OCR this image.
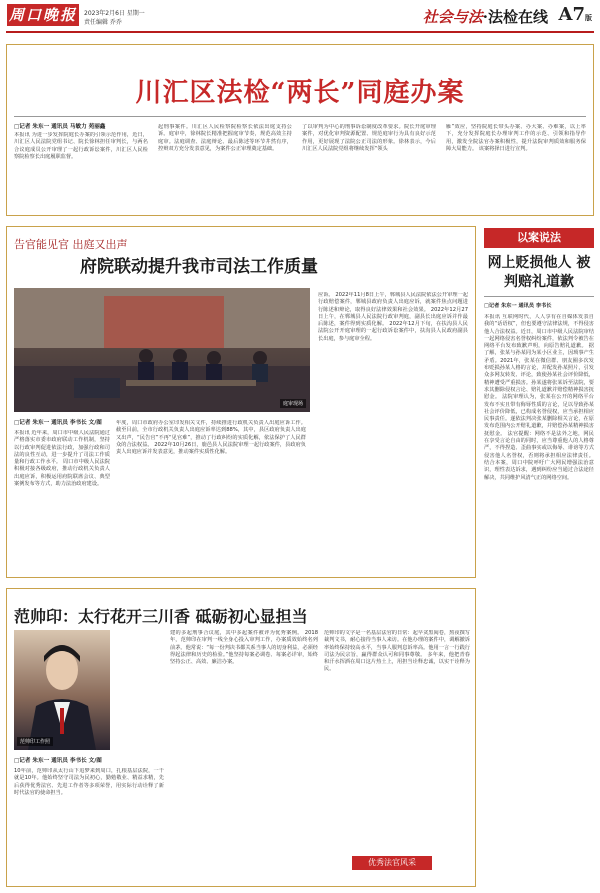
周口晚报	2023年2月6日 星期一
责任编辑 乔乔	社会与法·法检在线 A7版
川汇区法检“两长”同庭办案
□记者 朱东一 通讯员 马敏力 苑丽鑫
本报讯 为进一步发挥院庭长办案的引领示范作用，近日，川汇区人民法院党组书记、院长徐林担任审判长，与两名合议庭成员公开审理了一起行政诉讼案件，川汇区人民检察院检察长出庭履职监督。
起刑事案件。川汇区人民检察院检察长依法出庭支持公诉。庭审中，徐林院长精准把握庭审节奏，规范高效主持庭审。法庭调查、法庭辩论、最后陈述等环节井然有序，控辩双方充分发表意见，为案件公正审理奠定基础。
了以审判为中心的刑事诉讼制度改革要求。院长开庭审理案件，对优化审判资源配置、规范庭审行为具有良好示范作用，更好展现了法院公正司法的形象。徐林表示，今后川汇区人民法院党组将继续发挥“领头
雁”效应，坚持院庭长带头办案、办大案、办难案，以上率下，充分发挥院庭长办理审判工作的示范、引领和指导作用，激发全院法官办案积极性，提升法院审判质效和服务保障大局能力。 该案将择日进行宣判。
告官能见官 出庭又出声
府院联动提升我市司法工作质量
庭审现场
□记者 朱东一 通讯员 李书长 文/图
本报讯 近年来，周口市中级人民法院通过严格落实市委市政府联动工作机制，坚持以行政审判促进依法行政，加强行政和司法的良性互动，进一步提升了司法工作质量和行政工作水平。 周口市中级人民法院积极对接各级政府，推动行政机关负责人出庭应诉，积极运用府院联席会议、典型案例发布等方式，助力法治政府建设。
年度，周口市政府办公室印发相关文件，持续推进行政机关负责人出庭应诉工作。截至目前，全市行政机关负责人出庭应诉率达到88%，其中，县区政府负责人出庭又出声，“民告官”不再“见官难”，推动了行政纠纷的实质化解，依法保护了人民群众的合法权益。 2022年10月26日，鹿邑县人民法院审理一起行政案件，县政府负责人出庭应诉并发表意见，推动案件实质性化解。
应诉。 2022年11月8日上午，郸城县人民法院依法公开审理一起行政赔偿案件，郸城县政府负责人出庭应诉，就案件焦点问题进行陈述和辩论，取得良好法律效果和社会效果。 2022年12月27日上午，在郸城县人民法院行政审判庭，副县长出庭应诉并作最后陈述，案件得到实质化解。 2022年12月下旬，在扶沟县人民法院公开开庭审理的一起行政诉讼案件中，扶沟县人民政府副县长出庭，参与庭审全程。
范帅印：太行花开三川香 砥砺初心显担当
范帅印工作照
□记者 朱东一 通讯员 李书长 文/图
10年前，范帅印从太行山下追梦来到周口，扎根基层法院，一干就是10年。他始终坚守司法为民初心，勤勉敬业、精益求精，先后获得优秀法官、先进工作者等多项荣誉，用实际行动诠释了新时代法官的使命担当。
建的多起刑事合议庭，其中多起案件被评为优秀案例。 2018年，范帅印在审判一线全身心投入审判工作，办案质效始终名列前茅。他常说：“每一份判决书都关系当事人的切身利益，必须经得起法律和历史的检验。”他坚持每案必调卷、每案必详审，始终坚持公正、高效、廉洁办案。
范帅印的文字是一名基层法官的日常：起早贪黑阅卷，熬夜撰写裁判文书，耐心接待当事人来访。在他办理的案件中，调解撤诉率始终保持较高水平，当事人服判息诉率高。他用一言一行践行司法为民宗旨，赢得群众认可和同事尊敬。 多年来，他把青春和汗水挥洒在周口这片热土上，用担当诠释忠诚，以实干诠释为民。
优秀法官风采
以案说法
网上贬损他人 被判赔礼道歉
□记者 朱东一 通讯员 李书长
本报讯 互联网时代，人人享有在自媒体发表自我的“话语权”，但也要遵守法律法规，不得侵害他人合法权益。近日，周口市中级人民法院审结一起网络侵害名誉权纠纷案件，依法判令被告在网络平台发布致歉声明，向原告赔礼道歉。 据了解，张某与孙某同为某小区业主，因琐事产生矛盾。2021年，张某在微信群、朋友圈多次发布贬损孙某人格的言论，并配发孙某照片，引发众多网友转发、评论，致使孙某社会评价降低，精神遭受严重损害。孙某遂将张某诉至法院，要求其删除侵权言论、赔礼道歉并赔偿精神损害抚慰金。 法院审理认为，张某在公开的网络平台发布不实且带有侮辱性质的言论，足以导致孙某社会评价降低，已构成名誉侵权，应当承担相应民事责任。遂依法判决张某删除相关言论，在原发布范围内公开赔礼道歉，并赔偿孙某精神损害抚慰金。 法官提醒：网络不是法外之地，网民在享受言论自由的同时，应当尊重他人的人格尊严，不得捏造、歪曲事实或以侮辱、诽谤等方式侵害他人名誉权，否则将承担相应法律责任。 结合本案，周口中院呼吁广大网民增强法治意识，理性表达诉求，遇到纠纷应当通过合法途径解决，共同维护风清气正的网络空间。
